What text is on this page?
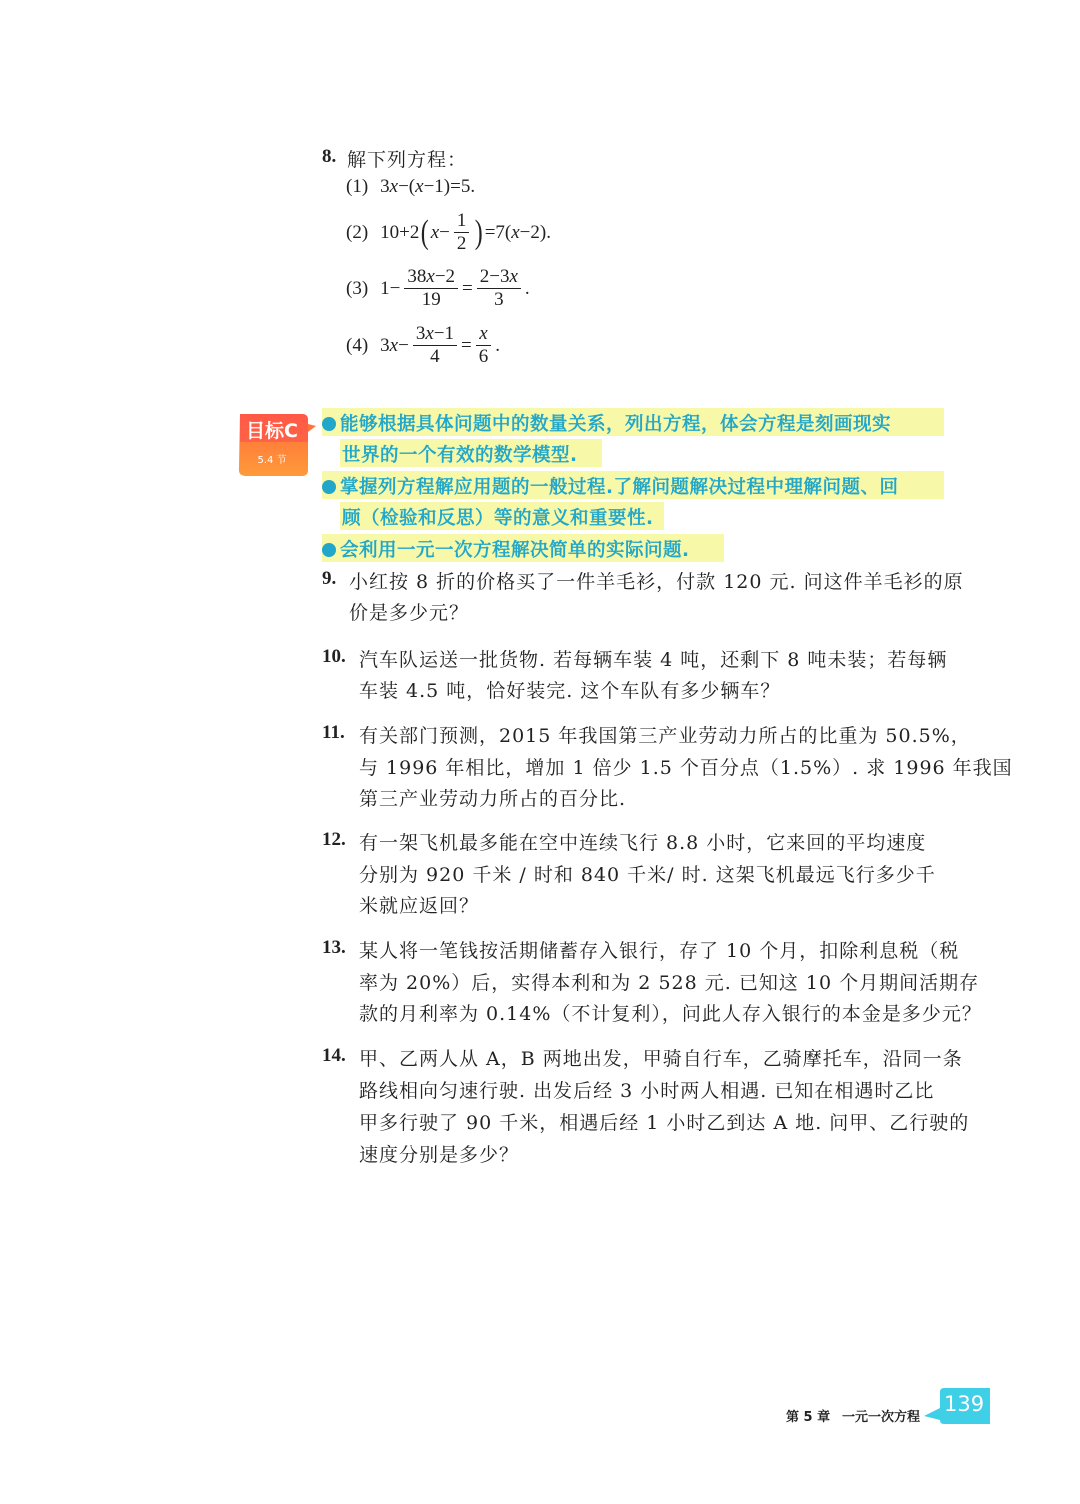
8. 解下列方程：
(1) 3x−(x−1)=5.
(2) 10+2 ( $x - \frac{1}{2}$ ) =7( x −2).
(3) $1- \frac{38x-2}{19} = \frac{2-3x}{3}$ .
(4) $3x- \frac{3x-1}{4} = \frac{x}{6}$ .
目标C
5.4 节
能够根据具体问题中的数量关系，列出方程，体会方程是刻画现实
世界的一个有效的数学模型.
掌握列方程解应用题的一般过程.了解问题解决过程中理解问题、回
顾（检验和反思）等的意义和重要性.
会利用一元一次方程解决简单的实际问题.
9. 小红按 8 折的价格买了一件羊毛衫，付款 120 元. 问这件羊毛衫的原
价是多少元？
10. 汽车队运送一批货物. 若每辆车装 4 吨，还剩下 8 吨未装；若每辆
车装 4.5 吨，恰好装完. 这个车队有多少辆车？
11. 有关部门预测，2015 年我国第三产业劳动力所占的比重为 50.5%，
与 1996 年相比，增加 1 倍少 1.5 个百分点（1.5%）. 求 1996 年我国
第三产业劳动力所占的百分比.
12. 有一架飞机最多能在空中连续飞行 8.8 小时，它来回的平均速度
分别为 920 千米 / 时和 840 千米/ 时. 这架飞机最远飞行多少千
米就应返回？
13. 某人将一笔钱按活期储蓄存入银行，存了 10 个月，扣除利息税（税
率为 20%）后，实得本利和为 2 528 元. 已知这 10 个月期间活期存
款的月利率为 0.14%（不计复利），问此人存入银行的本金是多少元？
14. 甲、乙两人从 A，B 两地出发，甲骑自行车，乙骑摩托车，沿同一条
路线相向匀速行驶. 出发后经 3 小时两人相遇. 已知在相遇时乙比
甲多行驶了 90 千米，相遇后经 1 小时乙到达 A 地. 问甲、乙行驶的
速度分别是多少？
第 5 章 一元一次方程
139
